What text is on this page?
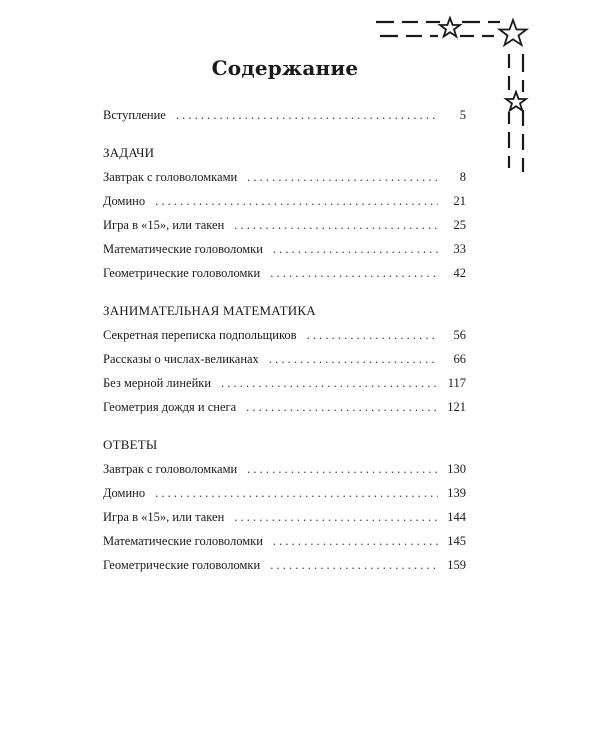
Содержание
Вступление . . .	5
ЗАДАЧИ
Завтрак с головоломками . . .	8
Домино . . .	21
Игра в «15», или такен . . .	25
Математические головоломки . . .	33
Геометрические головоломки . . .	42
ЗАНИМАТЕЛЬНАЯ МАТЕМАТИКА
Секретная переписка подпольщиков . . .	56
Рассказы о числах-великанах . . .	66
Без мерной линейки . . .	117
Геометрия дождя и снега . . .	121
ОТВЕТЫ
Завтрак с головоломками . . .	130
Домино . . .	139
Игра в «15», или такен . . .	144
Математические головоломки . . .	145
Геометрические головоломки . . .	159
